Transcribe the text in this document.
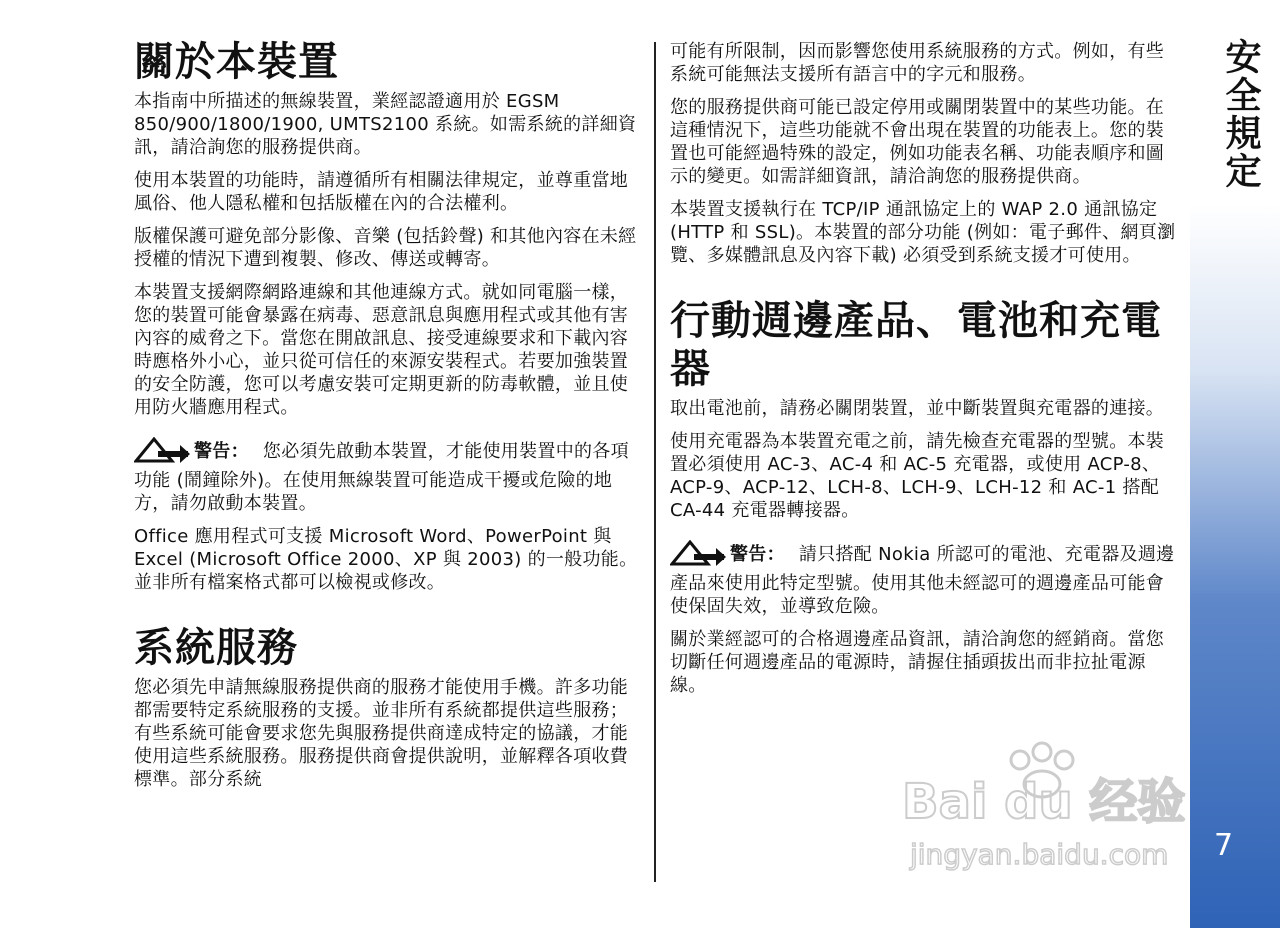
安全規定
7
關於本裝置

本指南中所描述的無線裝置，業經認證適用於 EGSM 850/900/1800/1900, UMTS2100 系統。如需系統的詳細資訊，請洽詢您的服務提供商。

使用本裝置的功能時，請遵循所有相關法律規定，並尊重當地風俗、他人隱私權和包括版權在內的合法權利。

版權保護可避免部分影像、音樂 (包括鈴聲) 和其他內容在未經授權的情況下遭到複製、修改、傳送或轉寄。

本裝置支援網際網路連線和其他連線方式。就如同電腦一樣，您的裝置可能會暴露在病毒、惡意訊息與應用程式或其他有害內容的威脅之下。當您在開啟訊息、接受連線要求和下載內容時應格外小心，並只從可信任的來源安裝程式。若要加強裝置的安全防護，您可以考慮安裝可定期更新的防毒軟體，並且使用防火牆應用程式。

警告： 您必須先啟動本裝置，才能使用裝置中的各項功能 (鬧鐘除外)。在使用無線裝置可能造成干擾或危險的地方，請勿啟動本裝置。

Office 應用程式可支援 Microsoft Word、PowerPoint 與 Excel (Microsoft Office 2000、XP 與 2003) 的一般功能。並非所有檔案格式都可以檢視或修改。

系統服務

您必須先申請無線服務提供商的服務才能使用手機。許多功能都需要特定系統服務的支援。並非所有系統都提供這些服務；有些系統可能會要求您先與服務提供商達成特定的協議，才能使用這些系統服務。服務提供商會提供說明，並解釋各項收費標準。部分系統

可能有所限制，因而影響您使用系統服務的方式。例如，有些系統可能無法支援所有語言中的字元和服務。

您的服務提供商可能已設定停用或關閉裝置中的某些功能。在這種情況下，這些功能就不會出現在裝置的功能表上。您的裝置也可能經過特殊的設定，例如功能表名稱、功能表順序和圖示的變更。如需詳細資訊，請洽詢您的服務提供商。

本裝置支援執行在 TCP/IP 通訊協定上的 WAP 2.0 通訊協定 (HTTP 和 SSL)。本裝置的部分功能 (例如：電子郵件、網頁瀏覽、多媒體訊息及內容下載) 必須受到系統支援才可使用。

行動週邊產品、電池和充電器

取出電池前，請務必關閉裝置，並中斷裝置與充電器的連接。

使用充電器為本裝置充電之前，請先檢查充電器的型號。本裝置必須使用 AC-3、AC-4 和 AC-5 充電器，或使用 ACP-8、ACP-9、ACP-12、LCH-8、LCH-9、LCH-12 和 AC-1 搭配 CA-44 充電器轉接器。

警告： 請只搭配 Nokia 所認可的電池、充電器及週邊產品來使用此特定型號。使用其他未經認可的週邊產品可能會使保固失效，並導致危險。

關於業經認可的合格週邊產品資訊，請洽詢您的經銷商。當您切斷任何週邊產品的電源時，請握住插頭拔出而非拉扯電源線。

Bai du 经验
jingyan.baidu.com
